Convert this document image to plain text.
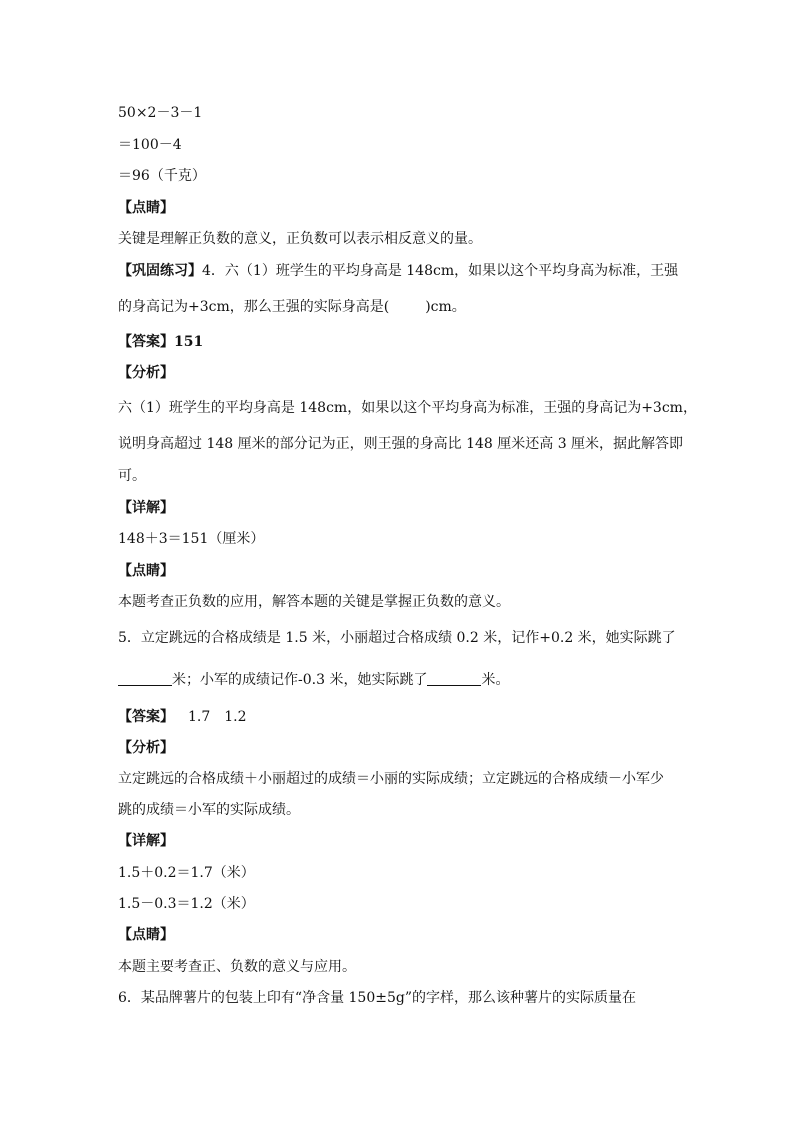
50×2－3－1
＝100－4
＝96（千克）
【点睛】
关键是理解正负数的意义，正负数可以表示相反意义的量。
【巩固练习】4．六（1）班学生的平均身高是 148cm，如果以这个平均身高为标准，王强
的身高记为+3cm，那么王强的实际身高是(	)cm。
【答案】151
【分析】
六（1）班学生的平均身高是 148cm，如果以这个平均身高为标准，王强的身高记为+3cm，
说明身高超过 148 厘米的部分记为正，则王强的身高比 148 厘米还高 3 厘米，据此解答即
可。
【详解】
148＋3＝151（厘米）
【点睛】
本题考查正负数的应用，解答本题的关键是掌握正负数的意义。
5．立定跳远的合格成绩是 1.5 米，小丽超过合格成绩 0.2 米，记作+0.2 米，她实际跳了
米；小军的成绩记作-0.3 米，她实际跳了	米。
【答案】 1.7 1.2
【分析】
立定跳远的合格成绩＋小丽超过的成绩＝小丽的实际成绩；立定跳远的合格成绩－小军少
跳的成绩＝小军的实际成绩。
【详解】
1.5＋0.2＝1.7（米）
1.5－0.3＝1.2（米）
【点睛】
本题主要考查正、负数的意义与应用。
6．某品牌薯片的包装上印有“净含量 150±5g”的字样，那么该种薯片的实际质量在
